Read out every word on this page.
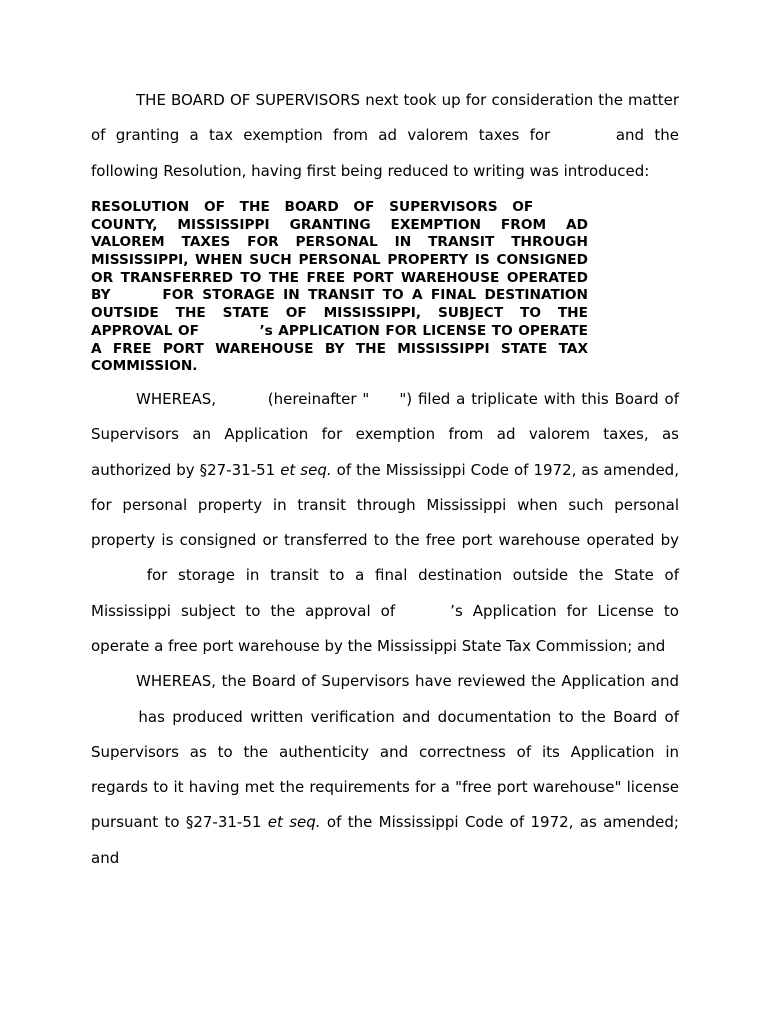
THE BOARD OF SUPERVISORS next took up for consideration the matter of granting a tax exemption from ad valorem taxes for	and the following Resolution, having first being reduced to writing was introduced:

RESOLUTION OF THE BOARD OF SUPERVISORS OF  COUNTY, MISSISSIPPI GRANTING EXEMPTION FROM AD VALOREM TAXES FOR PERSONAL IN TRANSIT THROUGH MISSISSIPPI, WHEN SUCH PERSONAL PROPERTY IS CONSIGNED OR TRANSFERRED TO THE FREE PORT WAREHOUSE OPERATED BY	FOR STORAGE IN TRANSIT TO A FINAL DESTINATION OUTSIDE THE STATE OF MISSISSIPPI, SUBJECT TO THE APPROVAL OF	’s APPLICATION FOR LICENSE TO OPERATE A FREE PORT WAREHOUSE BY THE MISSISSIPPI STATE TAX COMMISSION.

WHEREAS,	(hereinafter " ") filed a triplicate with this Board of Supervisors an Application for exemption from ad valorem taxes, as authorized by §27-31-51 et seq. of the Mississippi Code of 1972, as amended, for personal property in transit through Mississippi when such personal property is consigned or transferred to the free port warehouse operated by  for storage in transit to a final destination outside the State of Mississippi subject to the approval of	’s Application for License to operate a free port warehouse by the Mississippi State Tax Commission; and

WHEREAS, the Board of Supervisors have reviewed the Application and  has produced written verification and documentation to the Board of Supervisors as to the authenticity and correctness of its Application in regards to it having met the requirements for a "free port warehouse" license pursuant to §27-31-51 et seq. of the Mississippi Code of 1972, as amended; and
